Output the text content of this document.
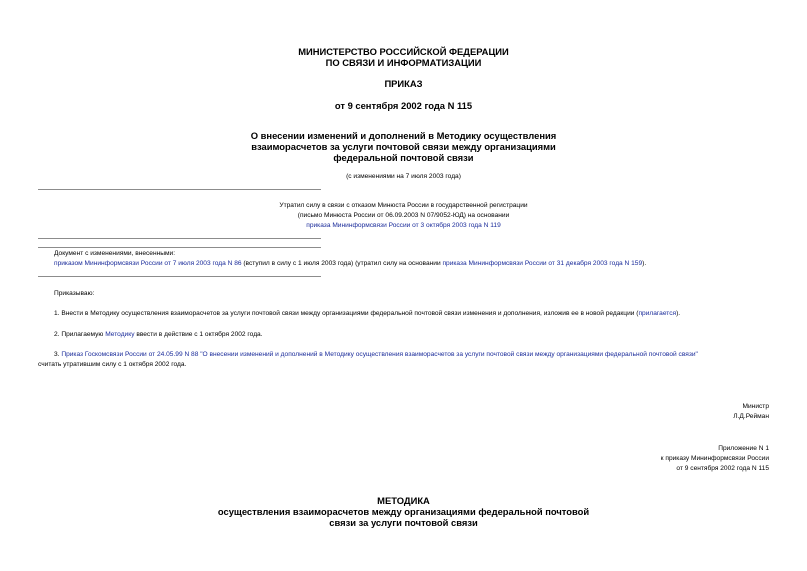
МИНИСТЕРСТВО РОССИЙСКОЙ ФЕДЕРАЦИИ
ПО СВЯЗИ И ИНФОРМАТИЗАЦИИ
ПРИКАЗ
от 9 сентября 2002 года N 115
О внесении изменений и дополнений в Методику осуществления
взаиморасчетов за услуги почтовой связи между организациями
федеральной почтовой связи
(с изменениями на 7 июля 2003 года)
Утратил силу в связи с отказом Минюста России в государственной регистрации
(письмо Минюста России от 06.09.2003 N 07/9052-ЮД) на основании
приказа Мининформсвязи России от 3 октября 2003 года N 119
Документ с изменениями, внесенными:
приказом Мининформсвязи России от 7 июля 2003 года N 86 (вступил в силу с 1 июля 2003 года) (утратил силу на основании приказа Мининформсвязи России от 31 декабря 2003 года N 159).
Приказываю:
1. Внести в Методику осуществления взаиморасчетов за услуги почтовой связи между организациями федеральной почтовой связи изменения и дополнения, изложив ее в новой редакции (прилагается).
2. Прилагаемую Методику ввести в действие с 1 октября 2002 года.
3. Приказ Госкомсвязи России от 24.05.99 N 88 "О внесении изменений и дополнений в Методику осуществления взаиморасчетов за услуги почтовой связи между организациями федеральной почтовой связи"
считать утратившим силу с 1 октября 2002 года.
Министр
Л.Д.Рейман
Приложение N 1
к приказу Мининформсвязи России
от 9 сентября 2002 года N 115
МЕТОДИКА
осуществления взаиморасчетов между организациями федеральной почтовой
связи за услуги почтовой связи
